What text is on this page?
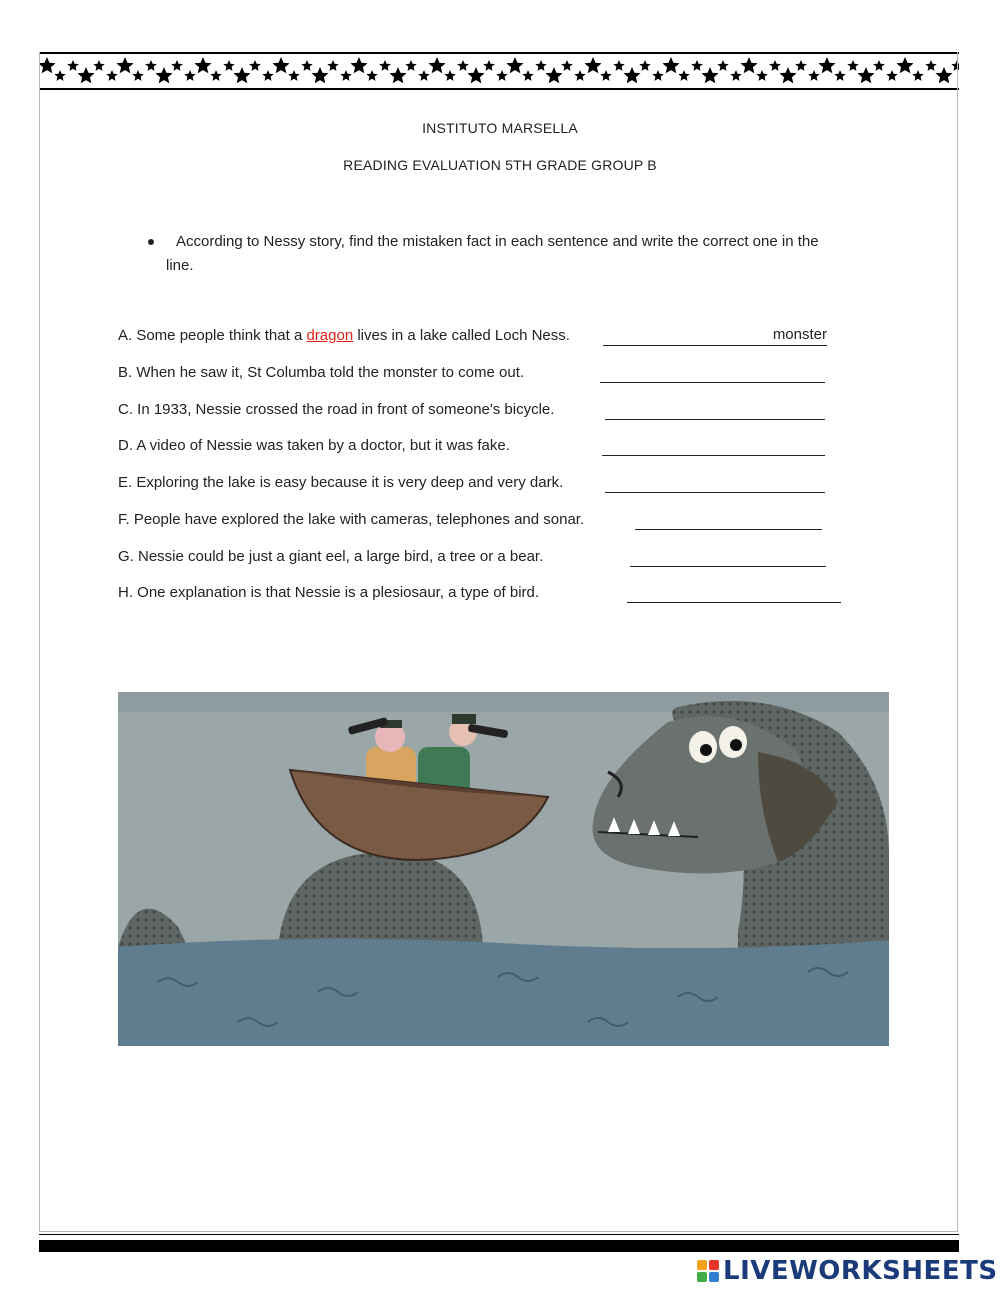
INSTITUTO MARSELLA
READING EVALUATION 5TH GRADE GROUP B
According to Nessy story, find the mistaken fact in each sentence and write the correct one in the
line.
A. Some people think that a dragon lives in a lake called Loch Ness.	monster
B. When he saw it, St Columba told the monster to come out.
C. In 1933, Nessie crossed the road in front of someone's bicycle.
D. A video of Nessie was taken by a doctor, but it was fake.
E. Exploring the lake is easy because it is very deep and very dark.
F. People have explored the lake with cameras, telephones and sonar.
G. Nessie could be just a giant eel, a large bird, a tree or a bear.
H. One explanation is that Nessie is a plesiosaur, a type of bird.
LIVEWORKSHEETS
